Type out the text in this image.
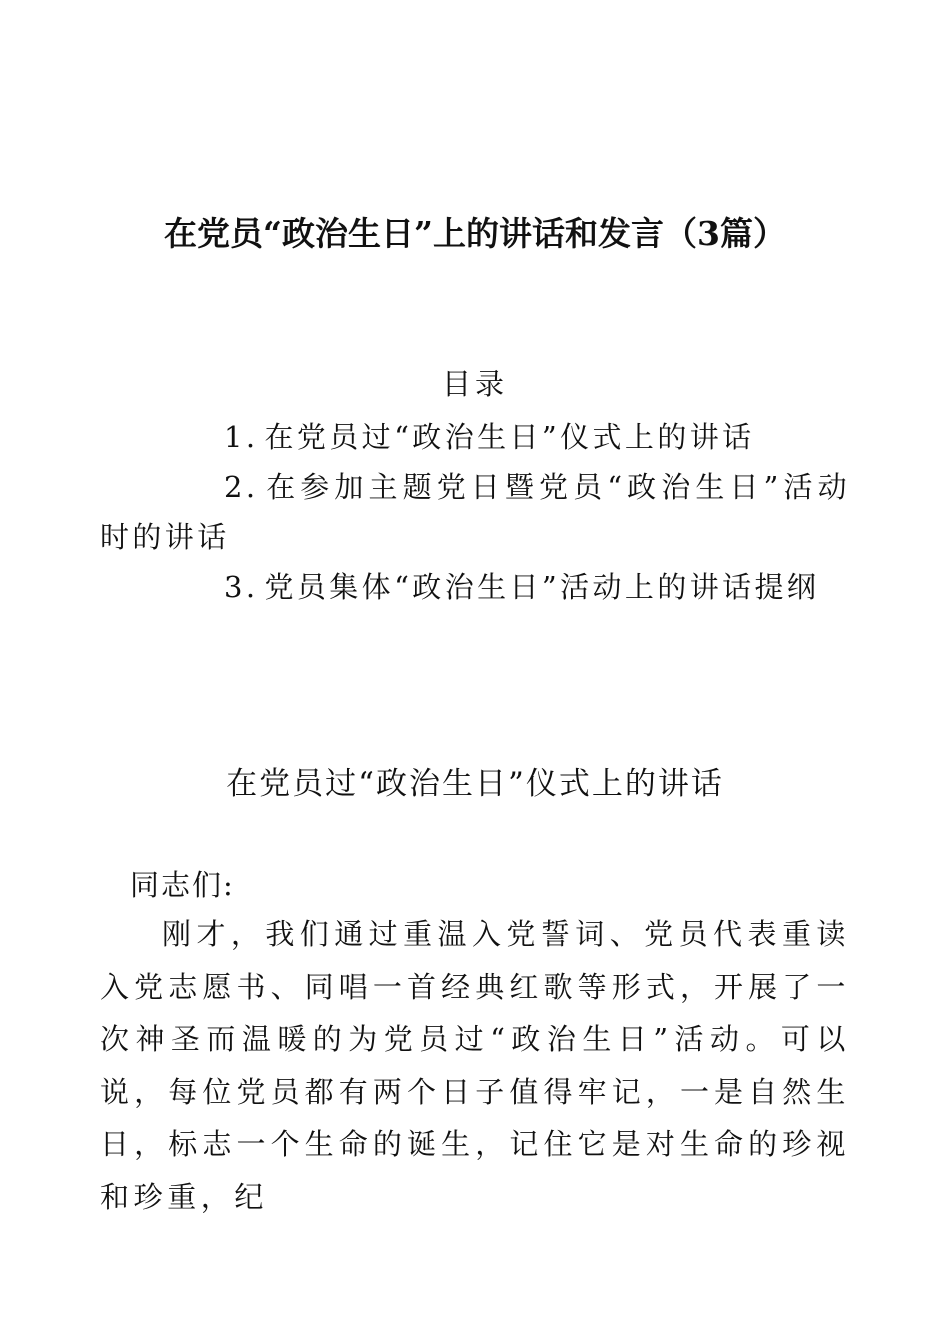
在党员“政治生日”上的讲话和发言（3篇）
目录
1. 在党员过“政治生日”仪式上的讲话
2. 在参加主题党日暨党员“政治生日”活动时的讲话
3. 党员集体“政治生日”活动上的讲话提纲
在党员过“政治生日”仪式上的讲话
同志们:
刚才，我们通过重温入党誓词、党员代表重读入党志愿书、同唱一首经典红歌等形式，开展了一次神圣而温暖的为党员过“政治生日”活动。可以说，每位党员都有两个日子值得牢记，一是自然生日，标志一个生命的诞生，记住它是对生命的珍视和珍重，纪
